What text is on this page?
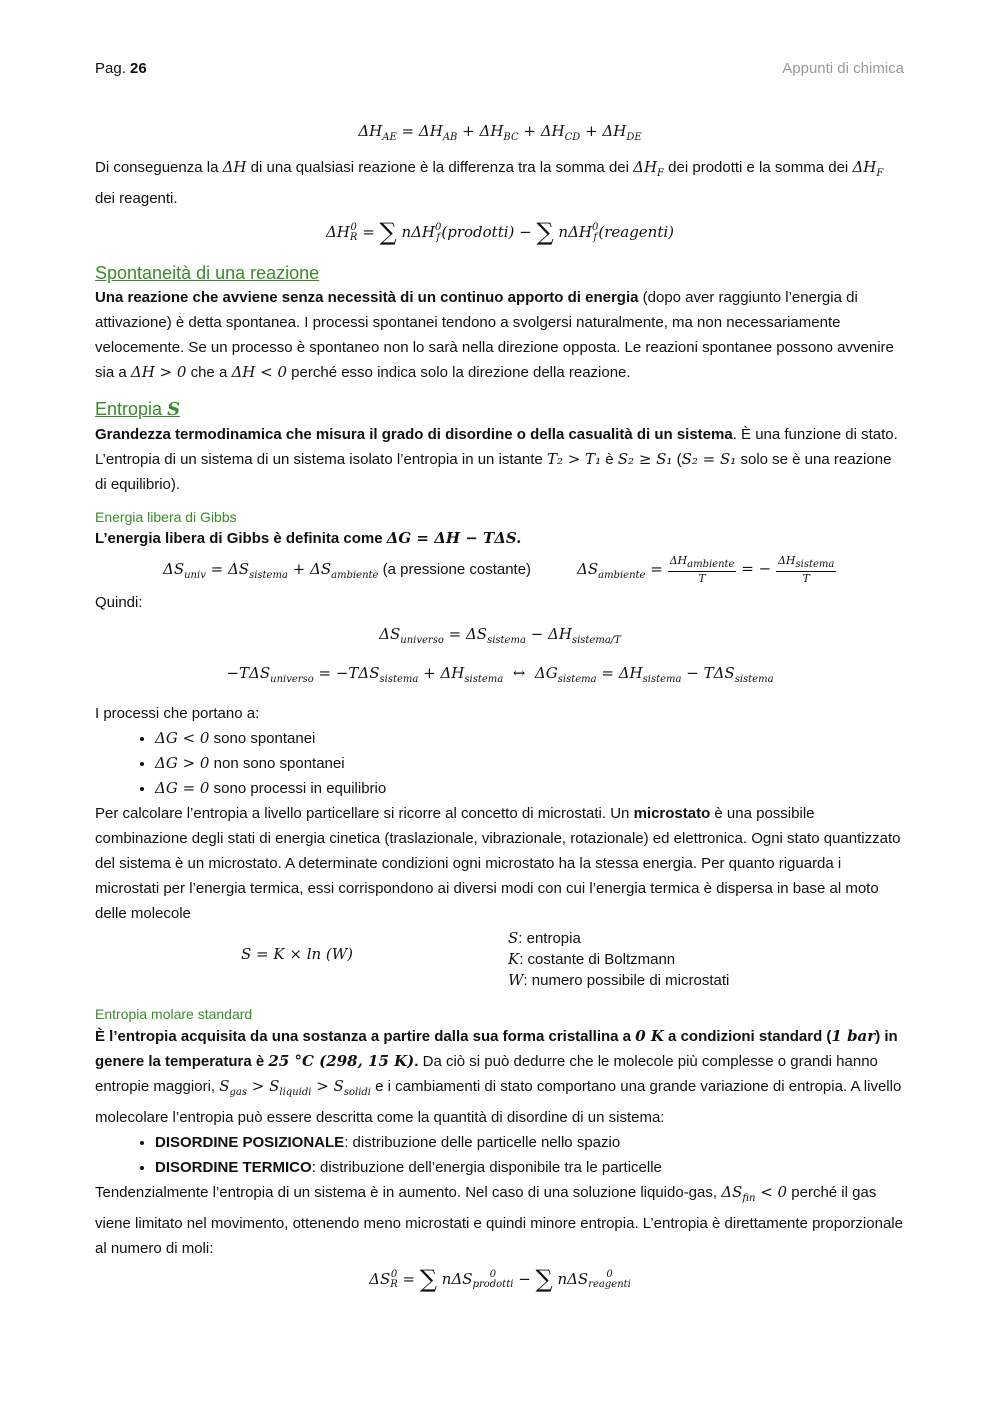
Pag. 26	Appunti di chimica
$\Delta H_{AE} = \Delta H_{AB} + \Delta H_{BC} + \Delta H_{CD} + \Delta H_{DE}$

Di conseguenza la ΔH di una qualsiasi reazione è la differenza tra la somma dei $\Delta H_F$ dei prodotti e la somma dei $\Delta H_F$ dei reagenti.

ΔH 0
R = ∑ nΔH 0
f (prodotti) − ∑ nΔH 0
f (reagenti)
Spontaneità di una reazione

Una reazione che avviene senza necessità di un continuo apporto di energia (dopo aver raggiunto l’energia di attivazione) è detta spontanea. I processi spontanei tendono a svolgersi naturalmente, ma non necessariamente velocemente. Se un processo è spontaneo non lo sarà nella direzione opposta. Le reazioni spontanee possono avvenire sia a ΔH > 0 che a ΔH < 0 perché esso indica solo la direzione della reazione.

Entropia S

Grandezza termodinamica che misura il grado di disordine o della casualità di un sistema. È una funzione di stato. L’entropia di un sistema di un sistema isolato l’entropia in un istante T₂ > T₁ è S₂ ≥ S₁ (S₂ = S₁ solo se è una reazione di equilibrio).

Energia libera di Gibbs

L’energia libera di Gibbs è definita come ΔG = ΔH − TΔS.

$\Delta S_{univ} = \Delta S_{sistema} + \Delta S_{ambiente}$ (a pressione costante)	$\Delta S_{ambiente} = \frac{\Delta H_{ambiente}}{T}$ = − $\frac{\Delta H_{sistema}}{T}$

Quindi:

$\Delta S_{universo} = \Delta S_{sistema} - \Delta H_{sistema/T}$
$-T\Delta S_{universo} = -T\Delta S_{sistema} + \Delta H_{sistema}$ ↔ $\Delta G_{sistema} = \Delta H_{sistema} - T\Delta S_{sistema}$

I processi che portano a:

• ΔG < 0 sono spontanei
• ΔG > 0 non sono spontanei
• ΔG = 0 sono processi in equilibrio

Per calcolare l’entropia a livello particellare si ricorre al concetto di microstati. Un microstato è una possibile combinazione degli stati di energia cinetica (traslazionale, vibrazionale, rotazionale) ed elettronica. Ogni stato quantizzato del sistema è un microstato. A determinate condizioni ogni microstato ha la stessa energia. Per quanto riguarda i microstati per l’energia termica, essi corrispondono ai diversi modi con cui l’energia termica è dispersa in base al moto delle molecole

S = K × ln (W)
S: entropia
K: costante di Boltzmann
W: numero possibile di microstati
Entropia molare standard

È l’entropia acquisita da una sostanza a partire dalla sua forma cristallina a 0 K a condizioni standard (1 bar) in genere la temperatura è 25 °C (298, 15 K). Da ciò si può dedurre che le molecole più complesse o grandi hanno entropie maggiori, $S_{gas} > S_{liquidi} > S_{solidi}$ e i cambiamenti di stato comportano una grande variazione di entropia. A livello molecolare l’entropia può essere descritta come la quantità di disordine di un sistema:

• DISORDINE POSIZIONALE: distribuzione delle particelle nello spazio
• DISORDINE TERMICO: distribuzione dell’energia disponibile tra le particelle

Tendenzialmente l’entropia di un sistema è in aumento. Nel caso di una soluzione liquido-gas, $\Delta S_{fin} < 0$ perché il gas viene limitato nel movimento, ottenendo meno microstati e quindi minore entropia. L’entropia è direttamente proporzionale al numero di moli:

ΔS 0
R = ∑ nΔS	0
prodotti − ∑ nΔS	0
reagenti
